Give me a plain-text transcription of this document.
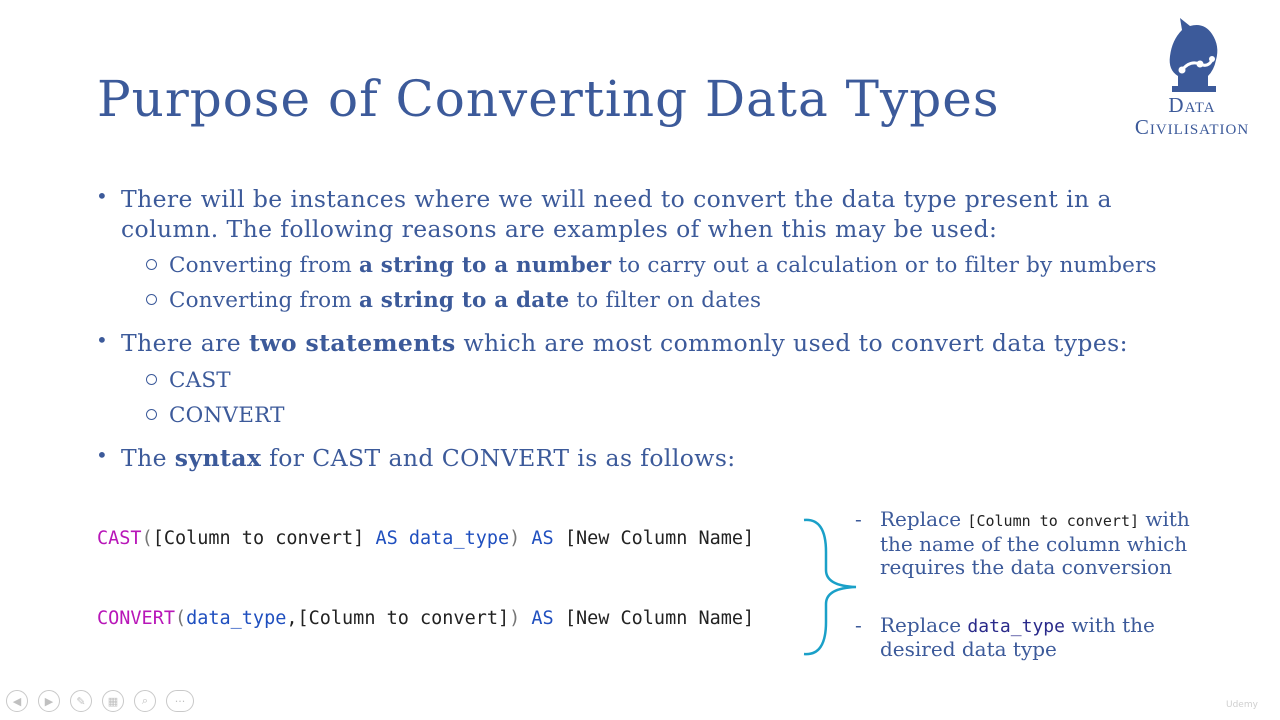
Purpose of Converting Data Types	Data
Civilisation
• There will be instances where we will need to convert the data type present in a column. The following reasons are examples of when this may be used:
Converting from a string to a number to carry out a calculation or to filter by numbers
Converting from a string to a date to filter on dates
• There are two statements which are most commonly used to convert data types:
CAST
CONVERT
• The syntax for CAST and CONVERT is as follows:
CAST([Column to convert] AS data_type) AS [New Column Name]
CONVERT(data_type,[Column to convert]) AS [New Column Name]
- Replace [Column to convert] with the name of the column which requires the data conversion
- Replace data_type with the desired data type
◀	▶	✎	▦	⌕	···	Udemy
